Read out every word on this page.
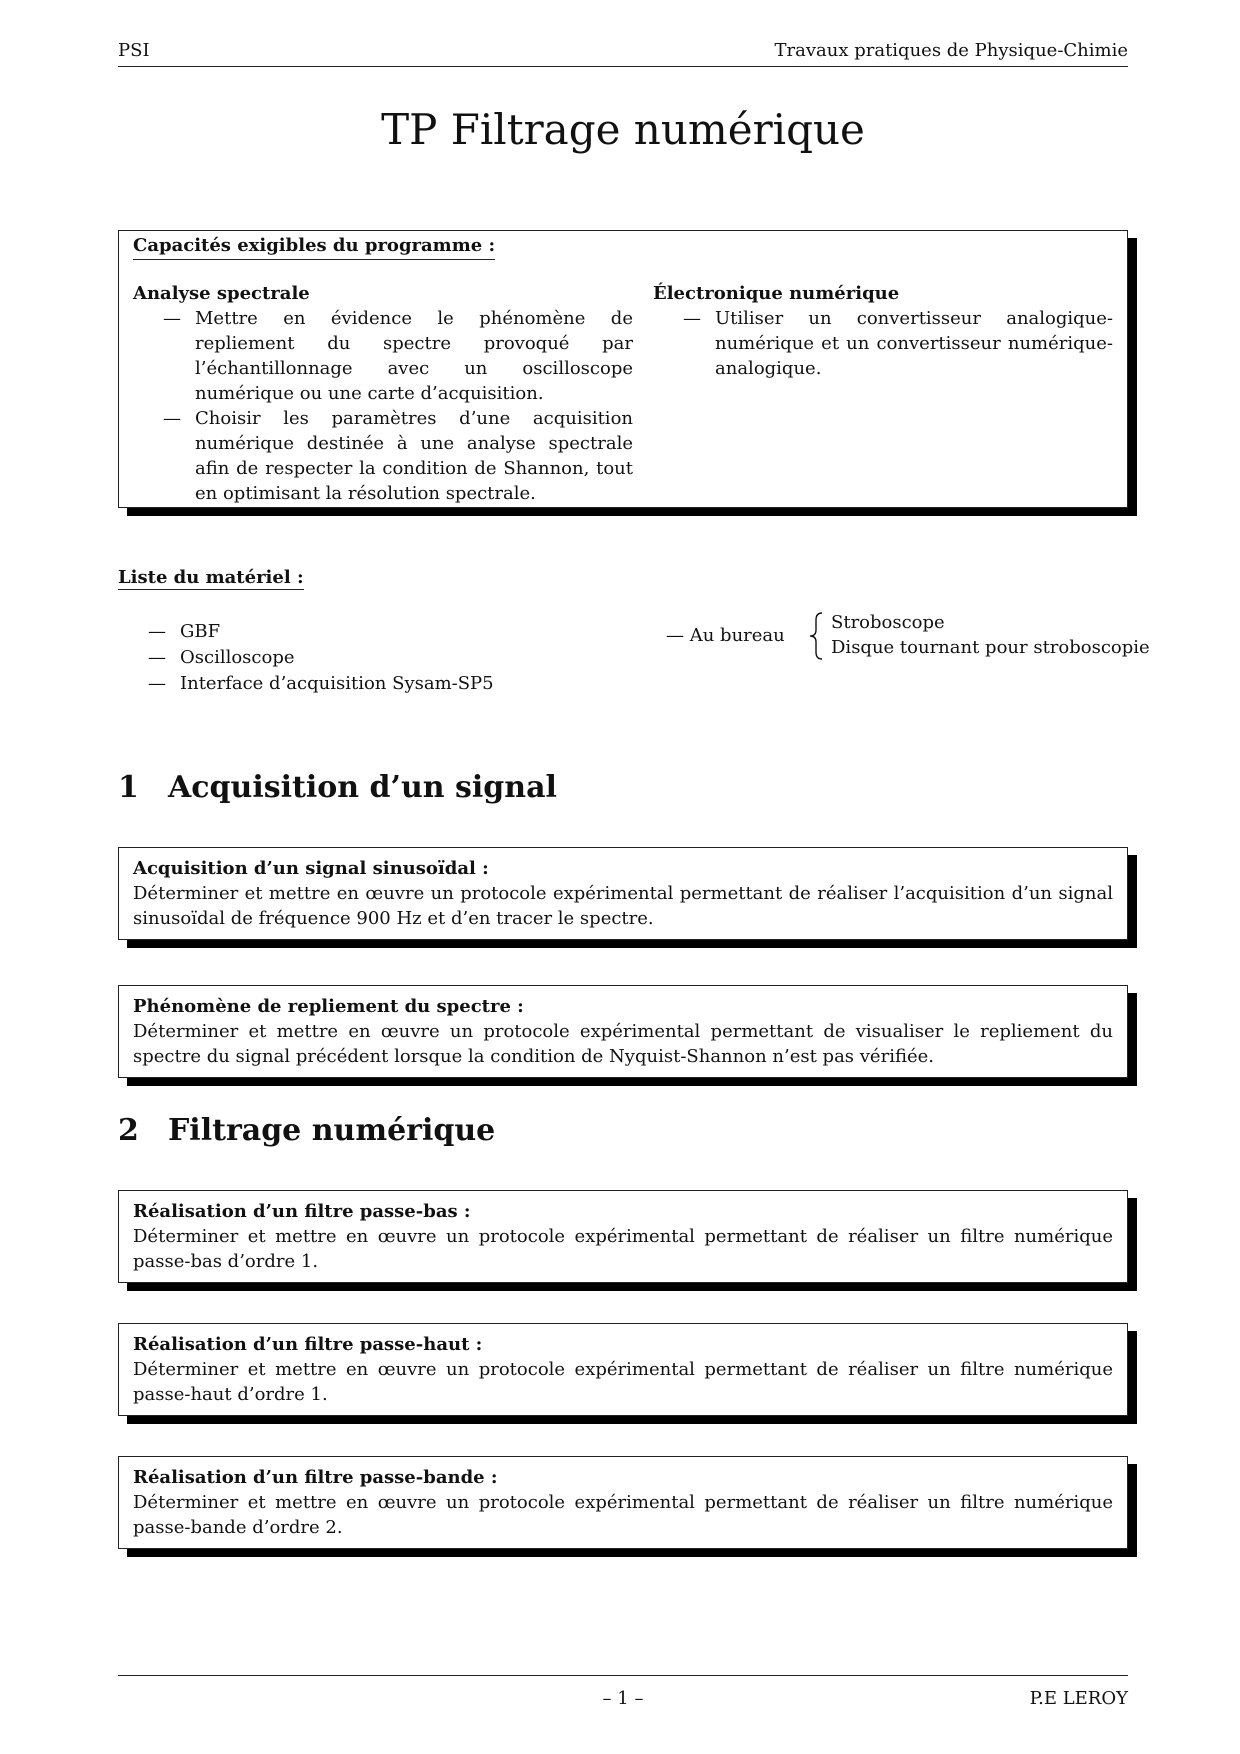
PSI	Travaux pratiques de Physique-Chimie
TP Filtrage numérique
Capacités exigibles du programme :
Analyse spectrale
— Mettre en évidence le phénomène de repliement du spectre provoqué par l’échantillonnage avec un oscilloscope numérique ou une carte d’acquisition.
— Choisir les paramètres d’une acquisition numérique destinée à une analyse spectrale afin de respecter la condition de Shannon, tout en optimisant la résolution spectrale.
Électronique numérique
— Utiliser un convertisseur analogique-numérique et un convertisseur numérique-analogique.
Liste du matériel :
— GBF
— Oscilloscope
— Interface d’acquisition Sysam-SP5
— Au bureau
Stroboscope
Disque tournant pour stroboscopie
1 Acquisition d’un signal
Acquisition d’un signal sinusoïdal :
Déterminer et mettre en œuvre un protocole expérimental permettant de réaliser l’acquisition d’un signal sinusoïdal de fréquence 900 Hz et d’en tracer le spectre.
Phénomène de repliement du spectre :
Déterminer et mettre en œuvre un protocole expérimental permettant de visualiser le repliement du spectre du signal précédent lorsque la condition de Nyquist-Shannon n’est pas vérifiée.
2 Filtrage numérique
Réalisation d’un filtre passe-bas :
Déterminer et mettre en œuvre un protocole expérimental permettant de réaliser un filtre numérique passe-bas d’ordre 1.
Réalisation d’un filtre passe-haut :
Déterminer et mettre en œuvre un protocole expérimental permettant de réaliser un filtre numérique passe-haut d’ordre 1.
Réalisation d’un filtre passe-bande :
Déterminer et mettre en œuvre un protocole expérimental permettant de réaliser un filtre numérique passe-bande d’ordre 2.
– 1 –	P.E LEROY
